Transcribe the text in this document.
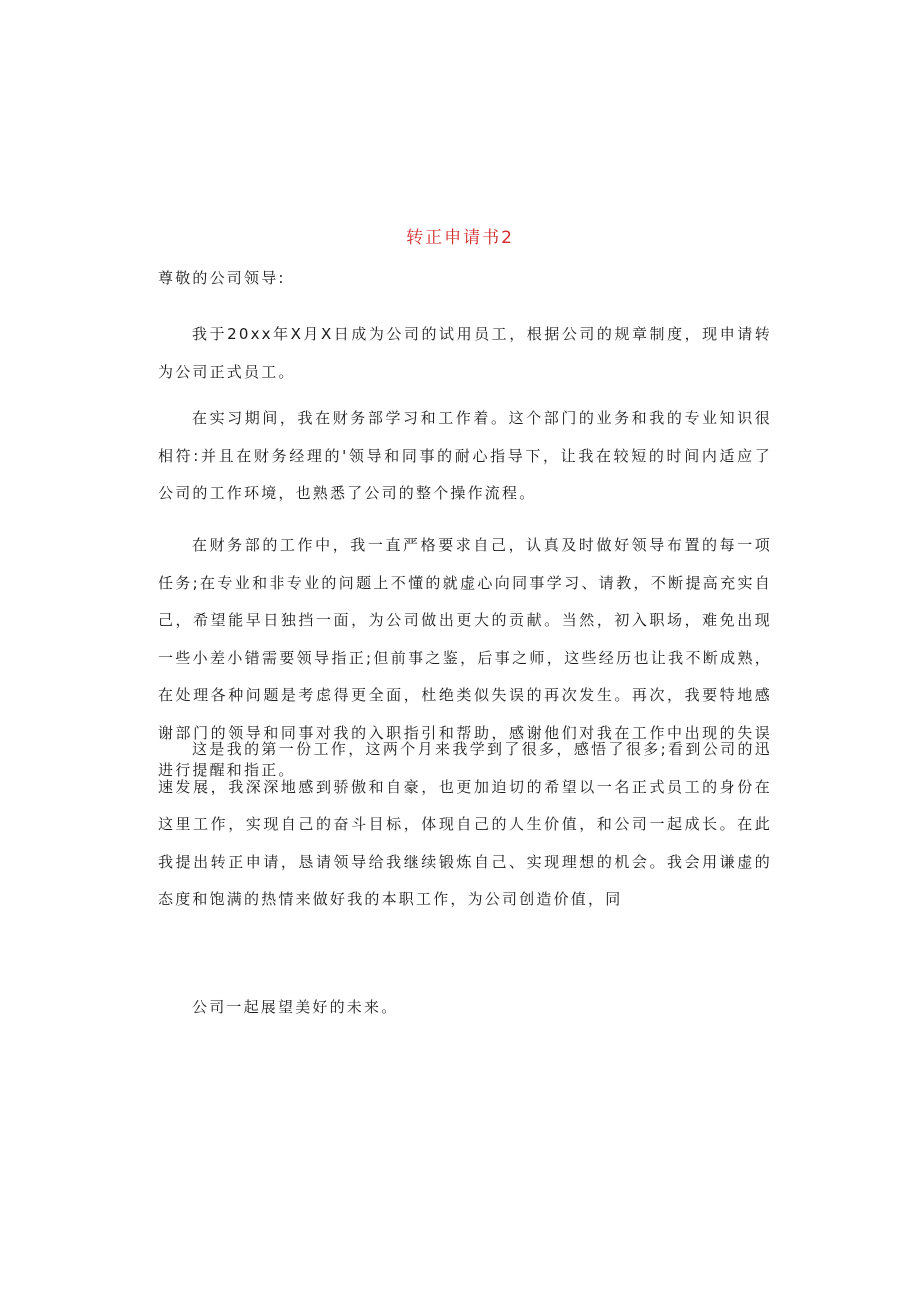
转正申请书2
尊敬的公司领导:

我于20xx年X月X日成为公司的试用员工，根据公司的规章制度，现申请转为公司正式员工。

在实习期间，我在财务部学习和工作着。这个部门的业务和我的专业知识很相符:并且在财务经理的'领导和同事的耐心指导下，让我在较短的时间内适应了公司的工作环境，也熟悉了公司的整个操作流程。

在财务部的工作中，我一直严格要求自己，认真及时做好领导布置的每一项任务;在专业和非专业的问题上不懂的就虚心向同事学习、请教，不断提高充实自己，希望能早日独挡一面，为公司做出更大的贡献。当然，初入职场，难免出现一些小差小错需要领导指正;但前事之鉴，后事之师，这些经历也让我不断成熟，在处理各种问题是考虑得更全面，杜绝类似失误的再次发生。再次，我要特地感谢部门的领导和同事对我的入职指引和帮助，感谢他们对我在工作中出现的失误进行提醒和指正。

这是我的第一份工作，这两个月来我学到了很多，感悟了很多;看到公司的迅速发展，我深深地感到骄傲和自豪，也更加迫切的希望以一名正式员工的身份在这里工作，实现自己的奋斗目标，体现自己的人生价值，和公司一起成长。在此我提出转正申请，恳请领导给我继续锻炼自己、实现理想的机会。我会用谦虚的态度和饱满的热情来做好我的本职工作，为公司创造价值，同

公司一起展望美好的未来。
